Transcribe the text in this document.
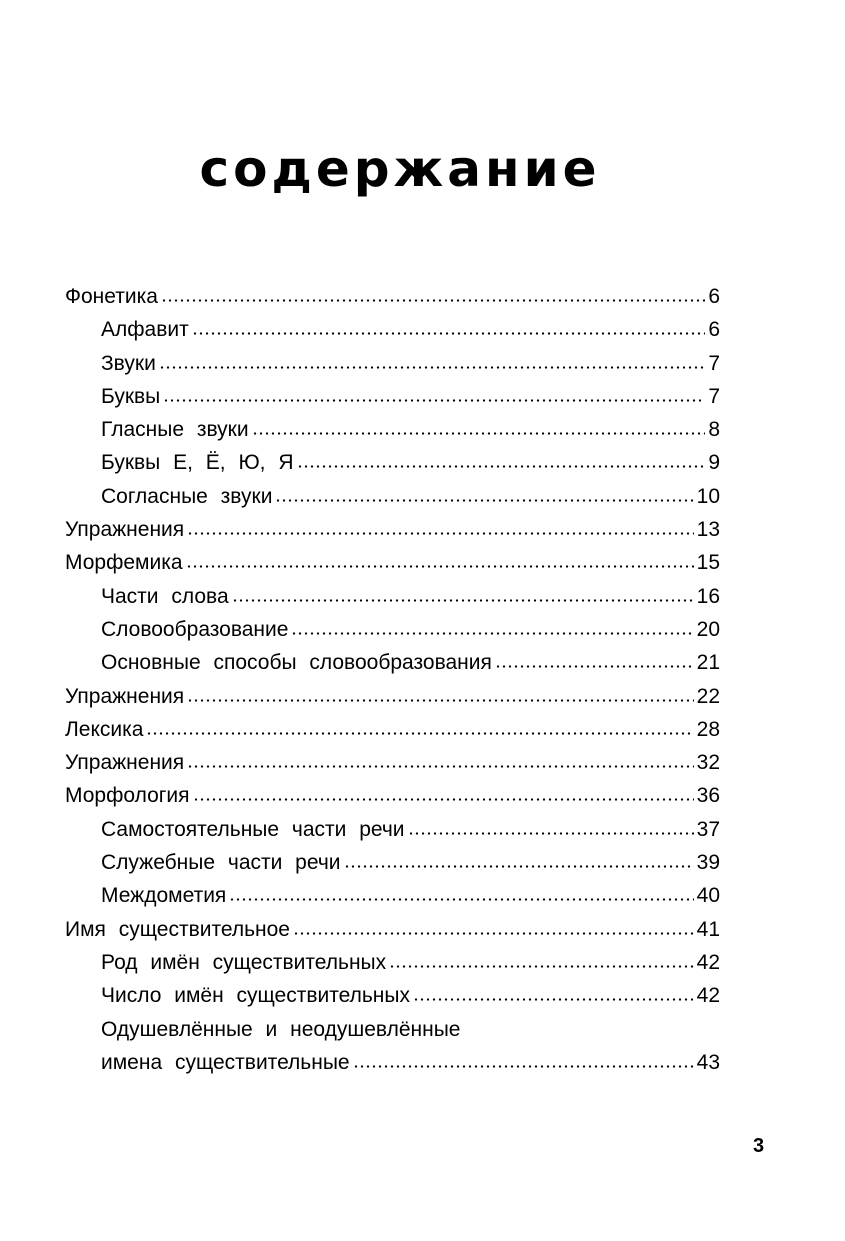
содержание
Фонетика	6
Алфавит	6
Звуки	7
Буквы	7
Гласные звуки	8
Буквы Е, Ё, Ю, Я	9
Согласные звуки	10
Упражнения	13
Морфемика	15
Части слова	16
Словообразование	20
Основные способы словообразования	21
Упражнения	22
Лексика	28
Упражнения	32
Морфология	36
Самостоятельные части речи	37
Служебные части речи	39
Междометия	40
Имя существительное	41
Род имён существительных	42
Число имён существительных	42
Одушевлённые и неодушевлённые
имена существительные	43
3
